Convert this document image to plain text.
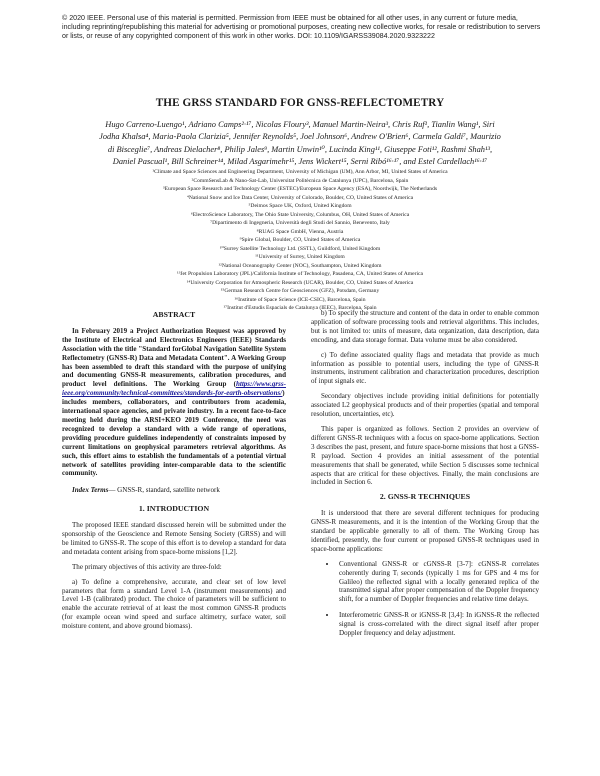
© 2020 IEEE. Personal use of this material is permitted. Permission from IEEE must be obtained for all other uses, in any current or future media, including reprinting/republishing this material for advertising or promotional purposes, creating new collective works, for resale or redistribution to servers or lists, or reuse of any copyrighted component of this work in other works. DOI: 10.1109/IGARSS39084.2020.9323222
THE GRSS STANDARD FOR GNSS-REFLECTOMETRY
Hugo Carreno-Luengo¹, Adriano Camps²·¹⁷, Nicolas Floury³, Manuel Martin-Neira³, Chris Ruf¹, Tianlin Wang¹, Siri Jodha Khalsa⁴, Maria-Paola Clarizia⁵, Jennifer Reynolds⁵, Joel Johnson⁶, Andrew O'Brien⁶, Carmela Galdi⁷, Maurizio di Bisceglie⁷, Andreas Dielacher⁸, Philip Jales⁹, Martin Unwin¹⁰, Lucinda King¹¹, Giuseppe Foti¹², Rashmi Shah¹³, Daniel Pascual¹, Bill Schreiner¹⁴, Milad Asgarimehr¹⁵, Jens Wickert¹⁵, Serni Ribó¹⁶·¹⁷, and Estel Cardellach¹⁶·¹⁷
¹Climate and Space Sciences and Engineering Department, University of Michigan (UM), Ann Arbor, MI, United States of America
²CommSensLab & Nano-Sat-Lab, Universitat Politècnica de Catalunya (UPC), Barcelona, Spain
³European Space Research and Technology Center (ESTEC)/European Space Agency (ESA), Noordwijk, The Netherlands
⁴National Snow and Ice Data Center, University of Colorado, Boulder, CO, United States of America
⁵Deimos Space UK, Oxford, United Kingdom
⁶ElectroScience Laboratory, The Ohio State University, Columbus, OH, United States of America
⁷Dipartimento di Ingegneria, Università degli Studi del Sannio, Benevento, Italy
⁸RUAG Space GmbH, Vienna, Austria
⁹Spire Global, Boulder, CO, United States of America
¹⁰Surrey Satellite Technology Ltd. (SSTL), Guildford, United Kingdom
¹¹University of Surrey, United Kingdom
¹²National Oceanography Center (NOC), Southampton, United Kingdom
¹³Jet Propulsion Laboratory (JPL)/California Institute of Technology, Pasadena, CA, United States of America
¹⁴University Corporation for Atmospheric Research (UCAR), Boulder, CO, United States of America
¹⁵German Research Centre for Geosciences (GFZ), Potsdam, Germany
¹⁶Institute of Space Science (ICE-CSIC), Barcelona, Spain
¹⁷Institut d'Estudis Espacials de Catalunya (IEEC), Barcelona, Spain
ABSTRACT

In February 2019 a Project Authorization Request was approved by the Institute of Electrical and Electronics Engineers (IEEE) Standards Association with the title "Standard forGlobal Navigation Satellite System Reflectometry (GNSS-R) Data and Metadata Content". A Working Group has been assembled to draft this standard with the purpose of unifying and documenting GNSS-R measurements, calibration procedures, and product level definitions. The Working Group (https://www.grss-ieee.org/community/technical-committees/standards-for-earth-observations/) includes members, collaborators, and contributors from academia, international space agencies, and private industry. In a recent face-to-face meeting held during the ARSI+KEO 2019 Conference, the need was recognized to develop a standard with a wide range of operations, providing procedure guidelines independently of constraints imposed by current limitations on geophysical parameters retrieval algorithms. As such, this effort aims to establish the fundamentals of a potential virtual network of satellites providing inter-comparable data to the scientific community.

Index Terms— GNSS-R, standard, satellite network
1. INTRODUCTION

The proposed IEEE standard discussed herein will be submitted under the sponsorship of the Geoscience and Remote Sensing Society (GRSS) and will be limited to GNSS-R. The scope of this effort is to develop a standard for data and metadata content arising from space-borne missions [1,2].

The primary objectives of this activity are three-fold:

a) To define a comprehensive, accurate, and clear set of low level parameters that form a standard Level 1-A (instrument measurements) and Level 1-B (calibrated) product. The choice of parameters will be sufficient to enable the accurate retrieval of at least the most common GNSS-R products (for example ocean wind speed and surface altimetry, surface water, soil moisture content, and above ground biomass).

b) To specify the structure and content of the data in order to enable common application of software processing tools and retrieval algorithms. This includes, but is not limited to: units of measure, data organization, data description, data encoding, and data storage format. Data volume must be also considered.

c) To define associated quality flags and metadata that provide as much information as possible to potential users, including the type of GNSS-R instruments, instrument calibration and characterization procedures, description of input signals etc.

Secondary objectives include providing initial definitions for potentially associated L2 geophysical products and of their properties (spatial and temporal resolution, uncertainties, etc).

This paper is organized as follows. Section 2 provides an overview of different GNSS-R techniques with a focus on space-borne applications. Section 3 describes the past, present, and future space-borne missions that host a GNSS-R payload. Section 4 provides an initial assessment of the potential measurements that shall be generated, while Section 5 discusses some technical aspects that are critical for these objectives. Finally, the main conclusions are included in Section 6.

2. GNSS-R TECHNIQUES

It is understood that there are several different techniques for producing GNSS-R measurements, and it is the intention of the Working Group that the standard be applicable generally to all of them. The Working Group has identified, presently, the four current or proposed GNSS-R techniques used in space-borne applications:

• Conventional GNSS-R or cGNSS-R [3-7]: cGNSS-R correlates coherently during Tᵢ seconds (typically 1 ms for GPS and 4 ms for Galileo) the reflected signal with a locally generated replica of the transmitted signal after proper compensation of the Doppler frequency shift, for a number of Doppler frequencies and relative time delays.
• Interferometric GNSS-R or iGNSS-R [3,4]: In iGNSS-R the reflected signal is cross-correlated with the direct signal itself after proper Doppler frequency and delay adjustment.
